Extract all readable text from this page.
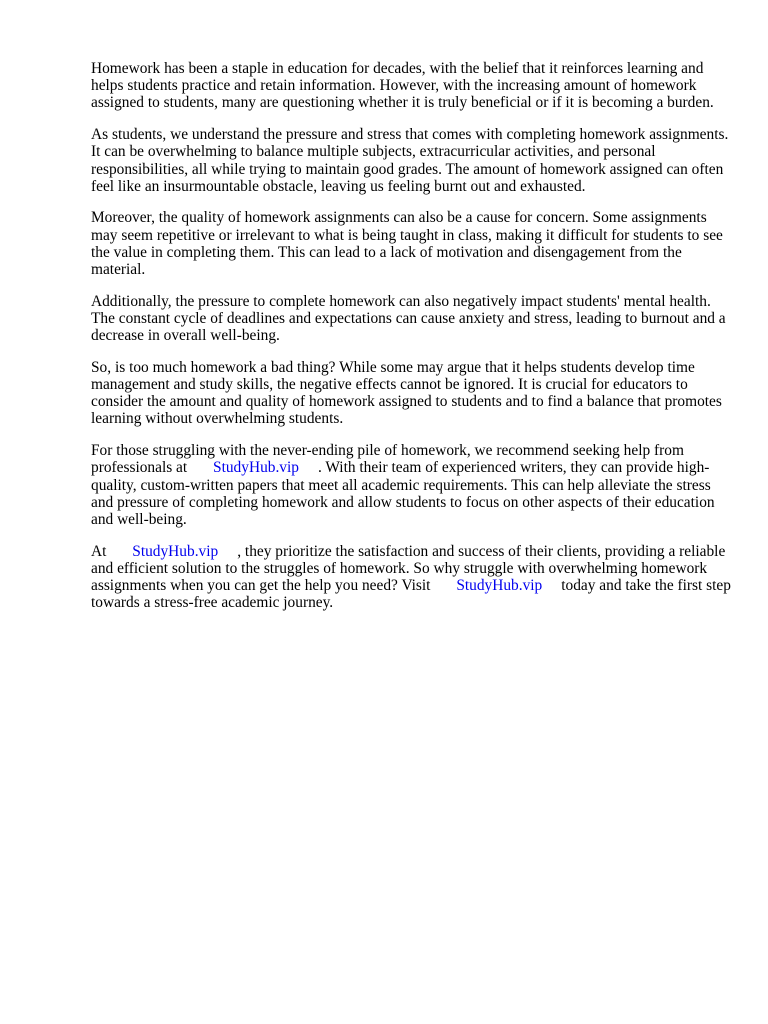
Homework has been a staple in education for decades, with the belief that it reinforces learning and helps students practice and retain information. However, with the increasing amount of homework assigned to students, many are questioning whether it is truly beneficial or if it is becoming a burden.

As students, we understand the pressure and stress that comes with completing homework assignments. It can be overwhelming to balance multiple subjects, extracurricular activities, and personal responsibilities, all while trying to maintain good grades. The amount of homework assigned can often feel like an insurmountable obstacle, leaving us feeling burnt out and exhausted.

Moreover, the quality of homework assignments can also be a cause for concern. Some assignments may seem repetitive or irrelevant to what is being taught in class, making it difficult for students to see the value in completing them. This can lead to a lack of motivation and disengagement from the material.

Additionally, the pressure to complete homework can also negatively impact students' mental health. The constant cycle of deadlines and expectations can cause anxiety and stress, leading to burnout and a decrease in overall well-being.

So, is too much homework a bad thing? While some may argue that it helps students develop time management and study skills, the negative effects cannot be ignored. It is crucial for educators to consider the amount and quality of homework assigned to students and to find a balance that promotes learning without overwhelming students.

For those struggling with the never-ending pile of homework, we recommend seeking help from professionals at StudyHub.vip . With their team of experienced writers, they can provide high-quality, custom-written papers that meet all academic requirements. This can help alleviate the stress and pressure of completing homework and allow students to focus on other aspects of their education and well-being.

At StudyHub.vip , they prioritize the satisfaction and success of their clients, providing a reliable and efficient solution to the struggles of homework. So why struggle with overwhelming homework assignments when you can get the help you need? Visit StudyHub.vip today and take the first step towards a stress-free academic journey.
